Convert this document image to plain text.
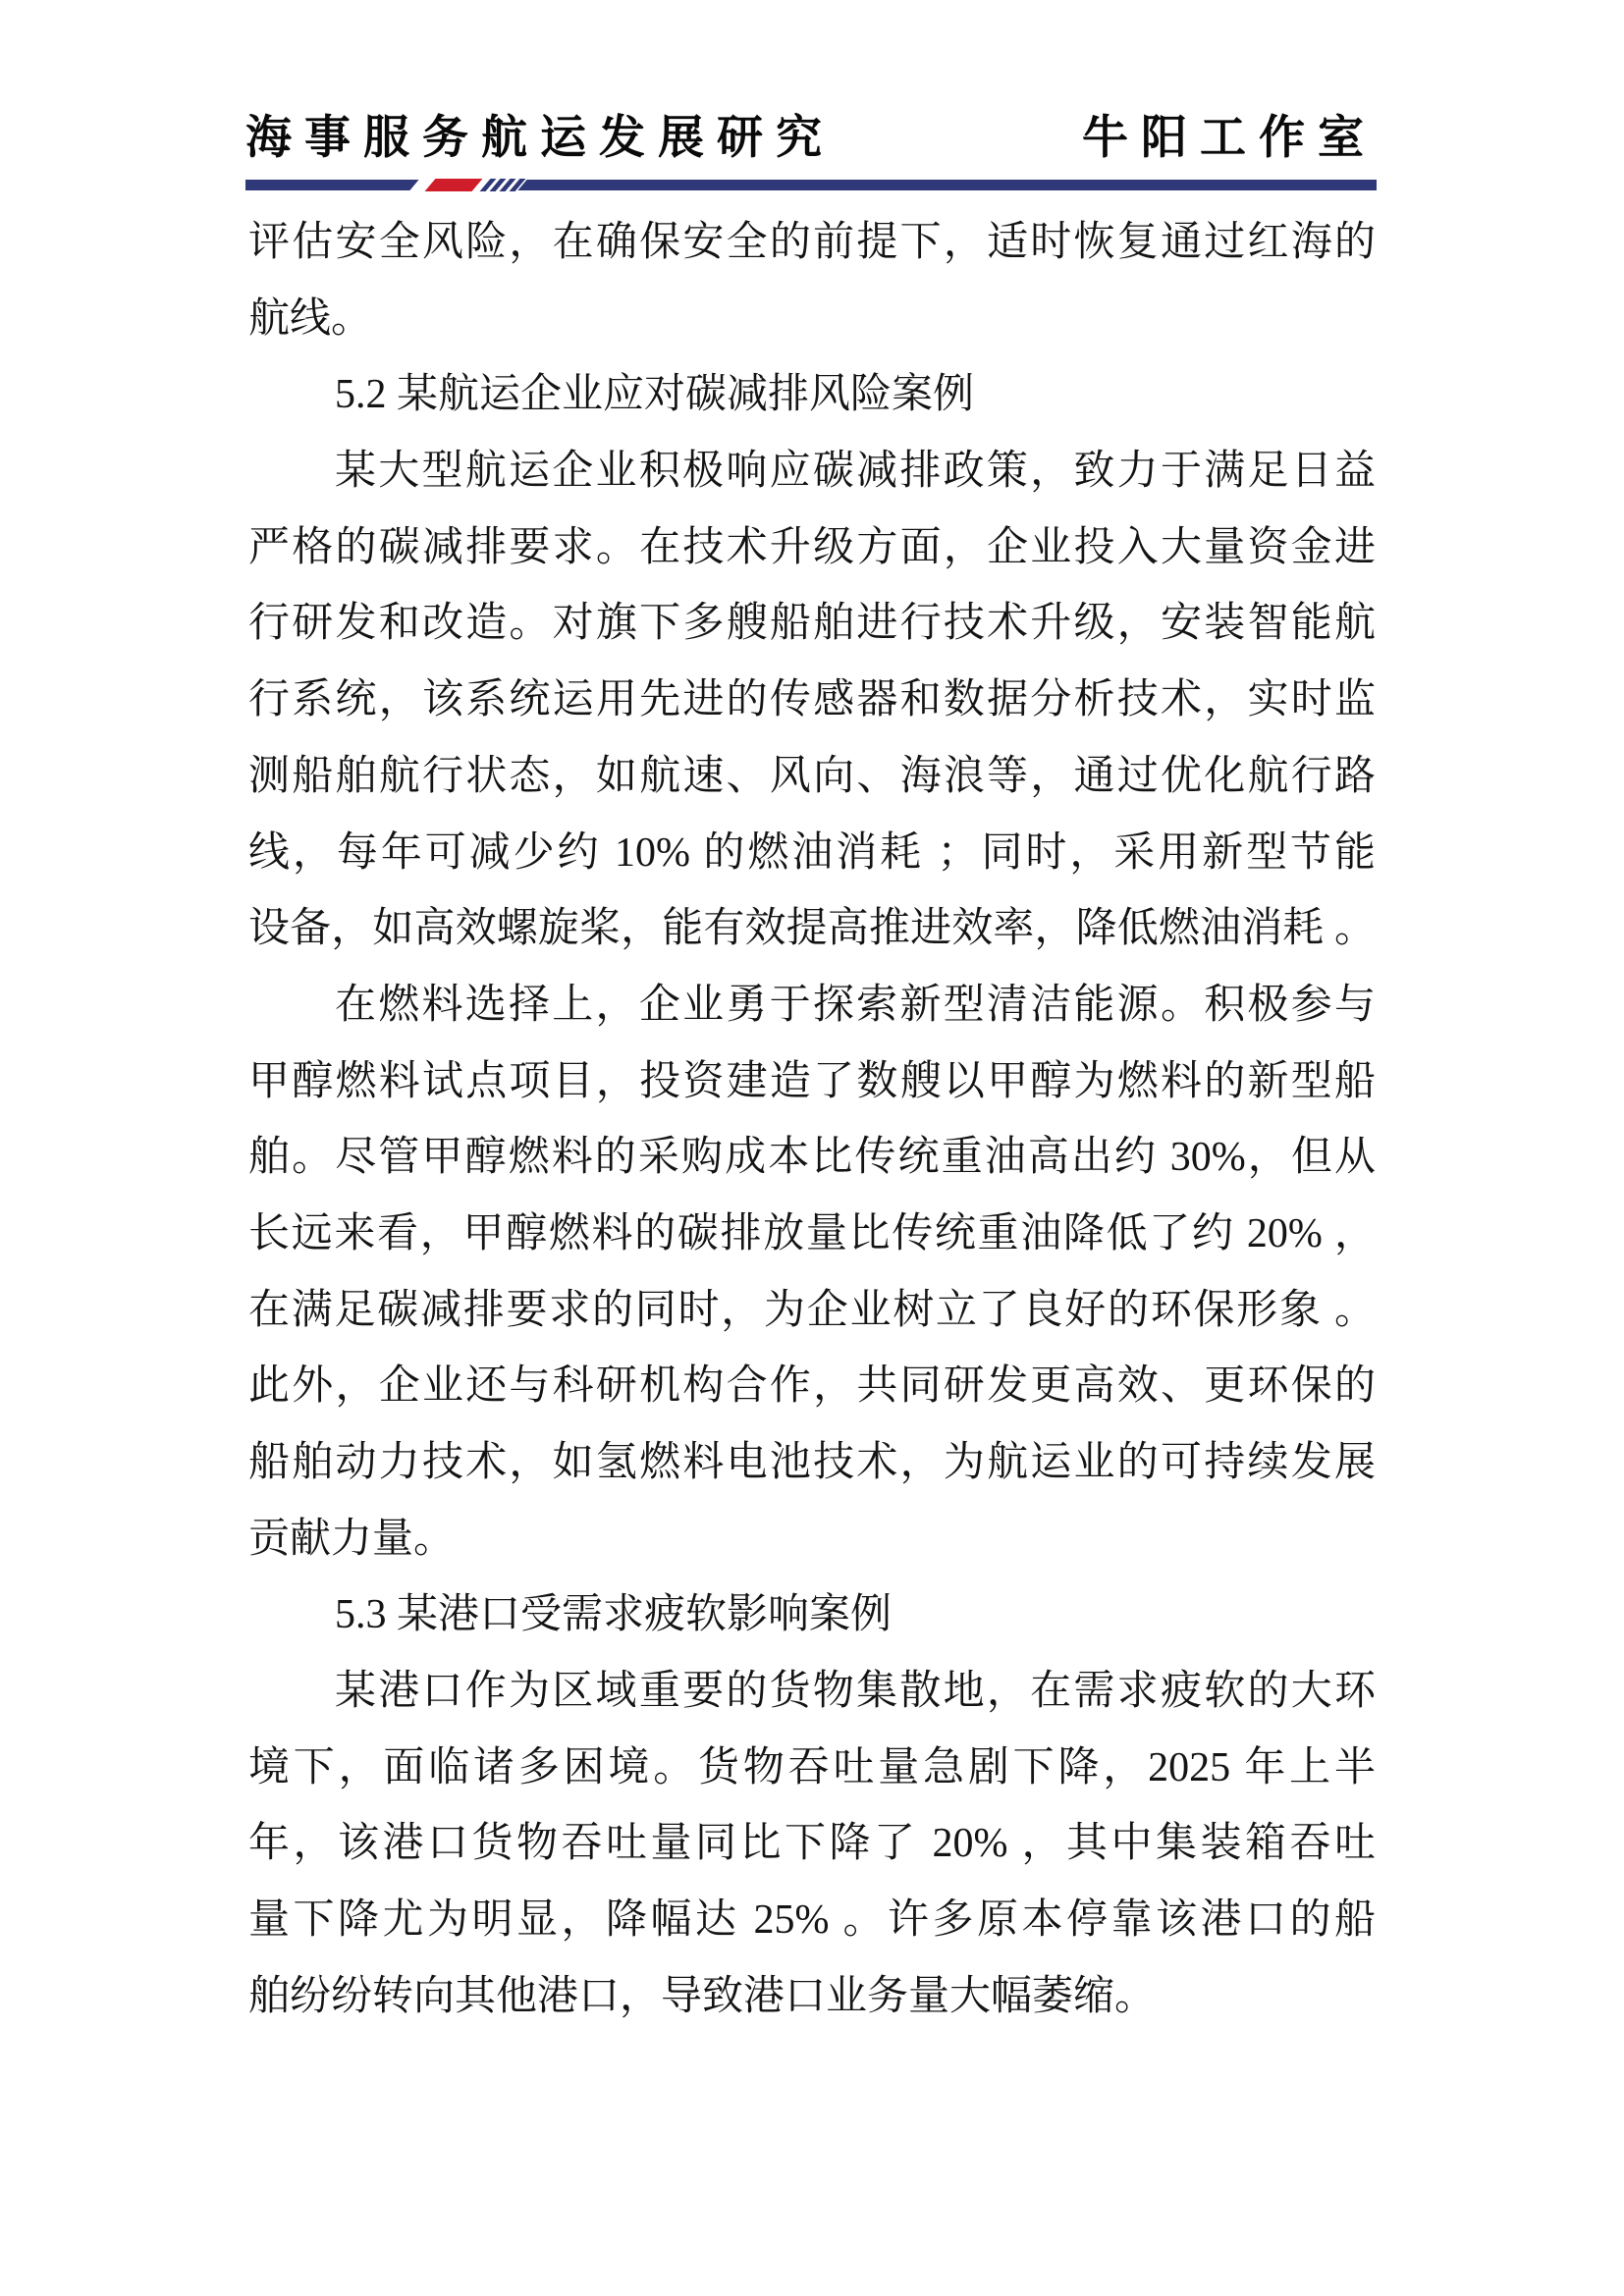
海事服务航运发展研究	牛阳工作室
评估安全风险，在确保安全的前提下，适时恢复通过红海的
航线。
5.2 某航运企业应对碳减排风险案例
某大型航运企业积极响应碳减排政策，致力于满足日益
严格的碳减排要求。在技术升级方面，企业投入大量资金进
行研发和改造。对旗下多艘船舶进行技术升级，安装智能航
行系统，该系统运用先进的传感器和数据分析技术，实时监
测船舶航行状态，如航速、风向、海浪等，通过优化航行路
线，每年可减少约 10% 的燃油消耗 ；同时，采用新型节能
设备，如高效螺旋桨，能有效提高推进效率，降低燃油消耗 。
在燃料选择上，企业勇于探索新型清洁能源。积极参与
甲醇燃料试点项目，投资建造了数艘以甲醇为燃料的新型船
舶。尽管甲醇燃料的采购成本比传统重油高出约 30%，但从
长远来看，甲醇燃料的碳排放量比传统重油降低了约 20% ，
在满足碳减排要求的同时，为企业树立了良好的环保形象 。
此外，企业还与科研机构合作，共同研发更高效、更环保的
船舶动力技术，如氢燃料电池技术，为航运业的可持续发展
贡献力量。
5.3 某港口受需求疲软影响案例
某港口作为区域重要的货物集散地，在需求疲软的大环
境下，面临诸多困境。货物吞吐量急剧下降，2025 年上半
年，该港口货物吞吐量同比下降了 20% ，其中集装箱吞吐
量下降尤为明显，降幅达 25% 。许多原本停靠该港口的船
舶纷纷转向其他港口，导致港口业务量大幅萎缩。
